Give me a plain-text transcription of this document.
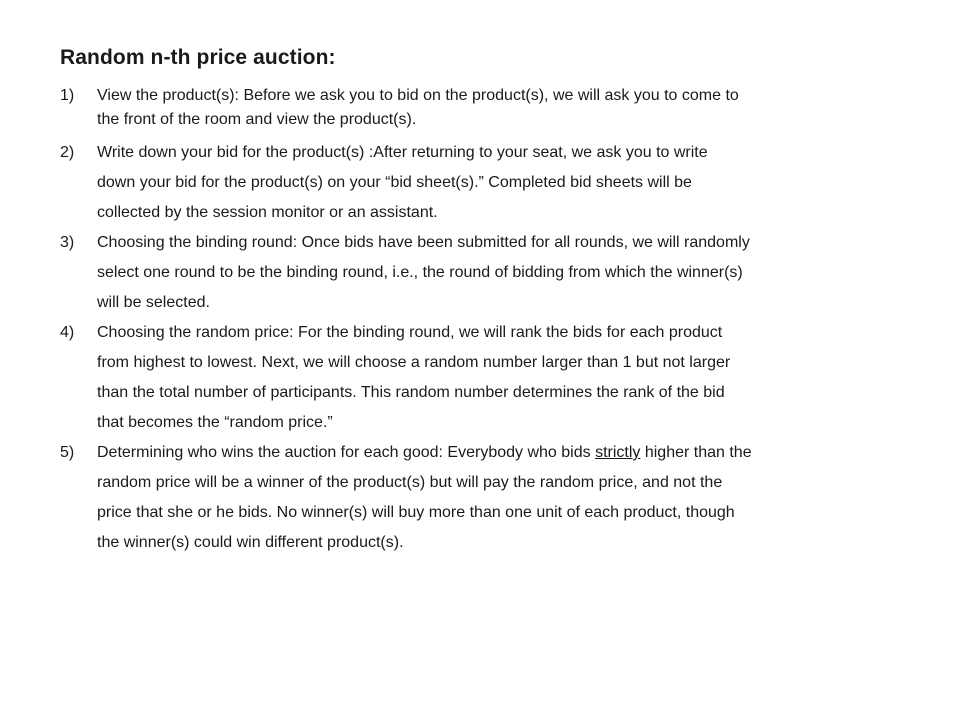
Random n-th price auction:
1)	View the product(s): Before we ask you to bid on the product(s), we will ask you to come to
the front of the room and view the product(s).
2)	Write down your bid for the product(s) :After returning to your seat, we ask you to write
down your bid for the product(s) on your “bid sheet(s).” Completed bid sheets will be
collected by the session monitor or an assistant.
3)	Choosing the binding round: Once bids have been submitted for all rounds, we will randomly
select one round to be the binding round, i.e., the round of bidding from which the winner(s)
will be selected.
4)	Choosing the random price: For the binding round, we will rank the bids for each product
from highest to lowest. Next, we will choose a random number larger than 1 but not larger
than the total number of participants. This random number determines the rank of the bid
that becomes the “random price.”
5)	Determining who wins the auction for each good: Everybody who bids strictly higher than the
random price will be a winner of the product(s) but will pay the random price, and not the
price that she or he bids. No winner(s) will buy more than one unit of each product, though
the winner(s) could win different product(s).
